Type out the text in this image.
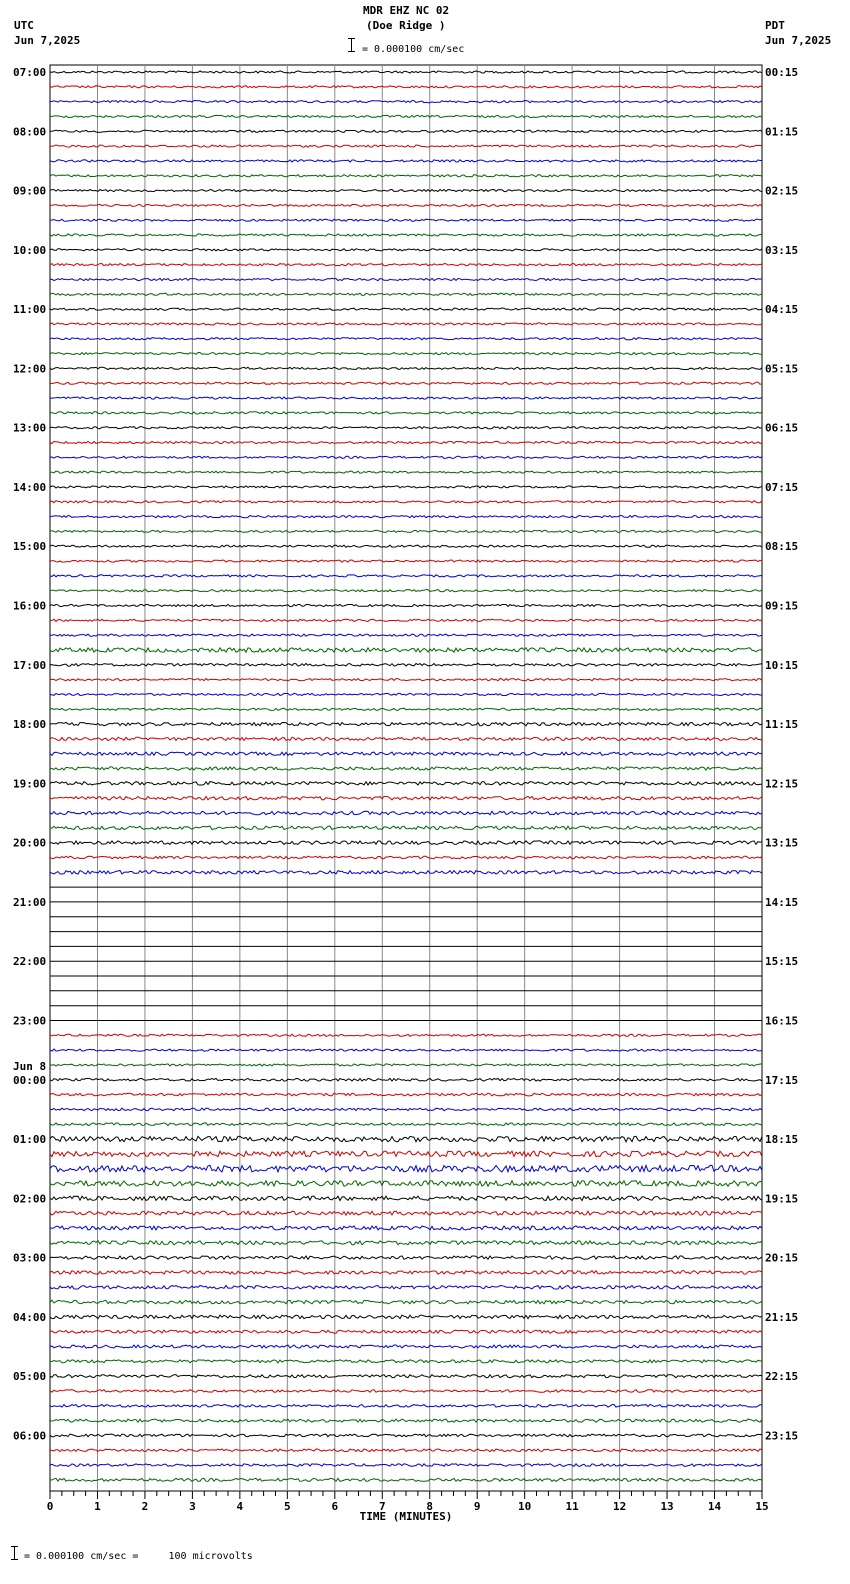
MDR EHZ NC 02
(Doe Ridge )
= 0.000100 cm/sec
UTC
Jun 7,2025
PDT
Jun 7,2025
07:00
08:00
09:00
10:00
11:00
12:00
13:00
14:00
15:00
16:00
17:00
18:00
19:00
20:00
21:00
22:00
23:00
00:00
Jun 8
01:00
02:00
03:00
04:00
05:00
06:00
00:15
01:15
02:15
03:15
04:15
05:15
06:15
07:15
08:15
09:15
10:15
11:15
12:15
13:15
14:15
15:15
16:15
17:15
18:15
19:15
20:15
21:15
22:15
23:15
0	1	2	3	4	5	6	7	8	9	10	11	12	13	14	15
TIME (MINUTES)
= 0.000100 cm/sec =     100 microvolts
